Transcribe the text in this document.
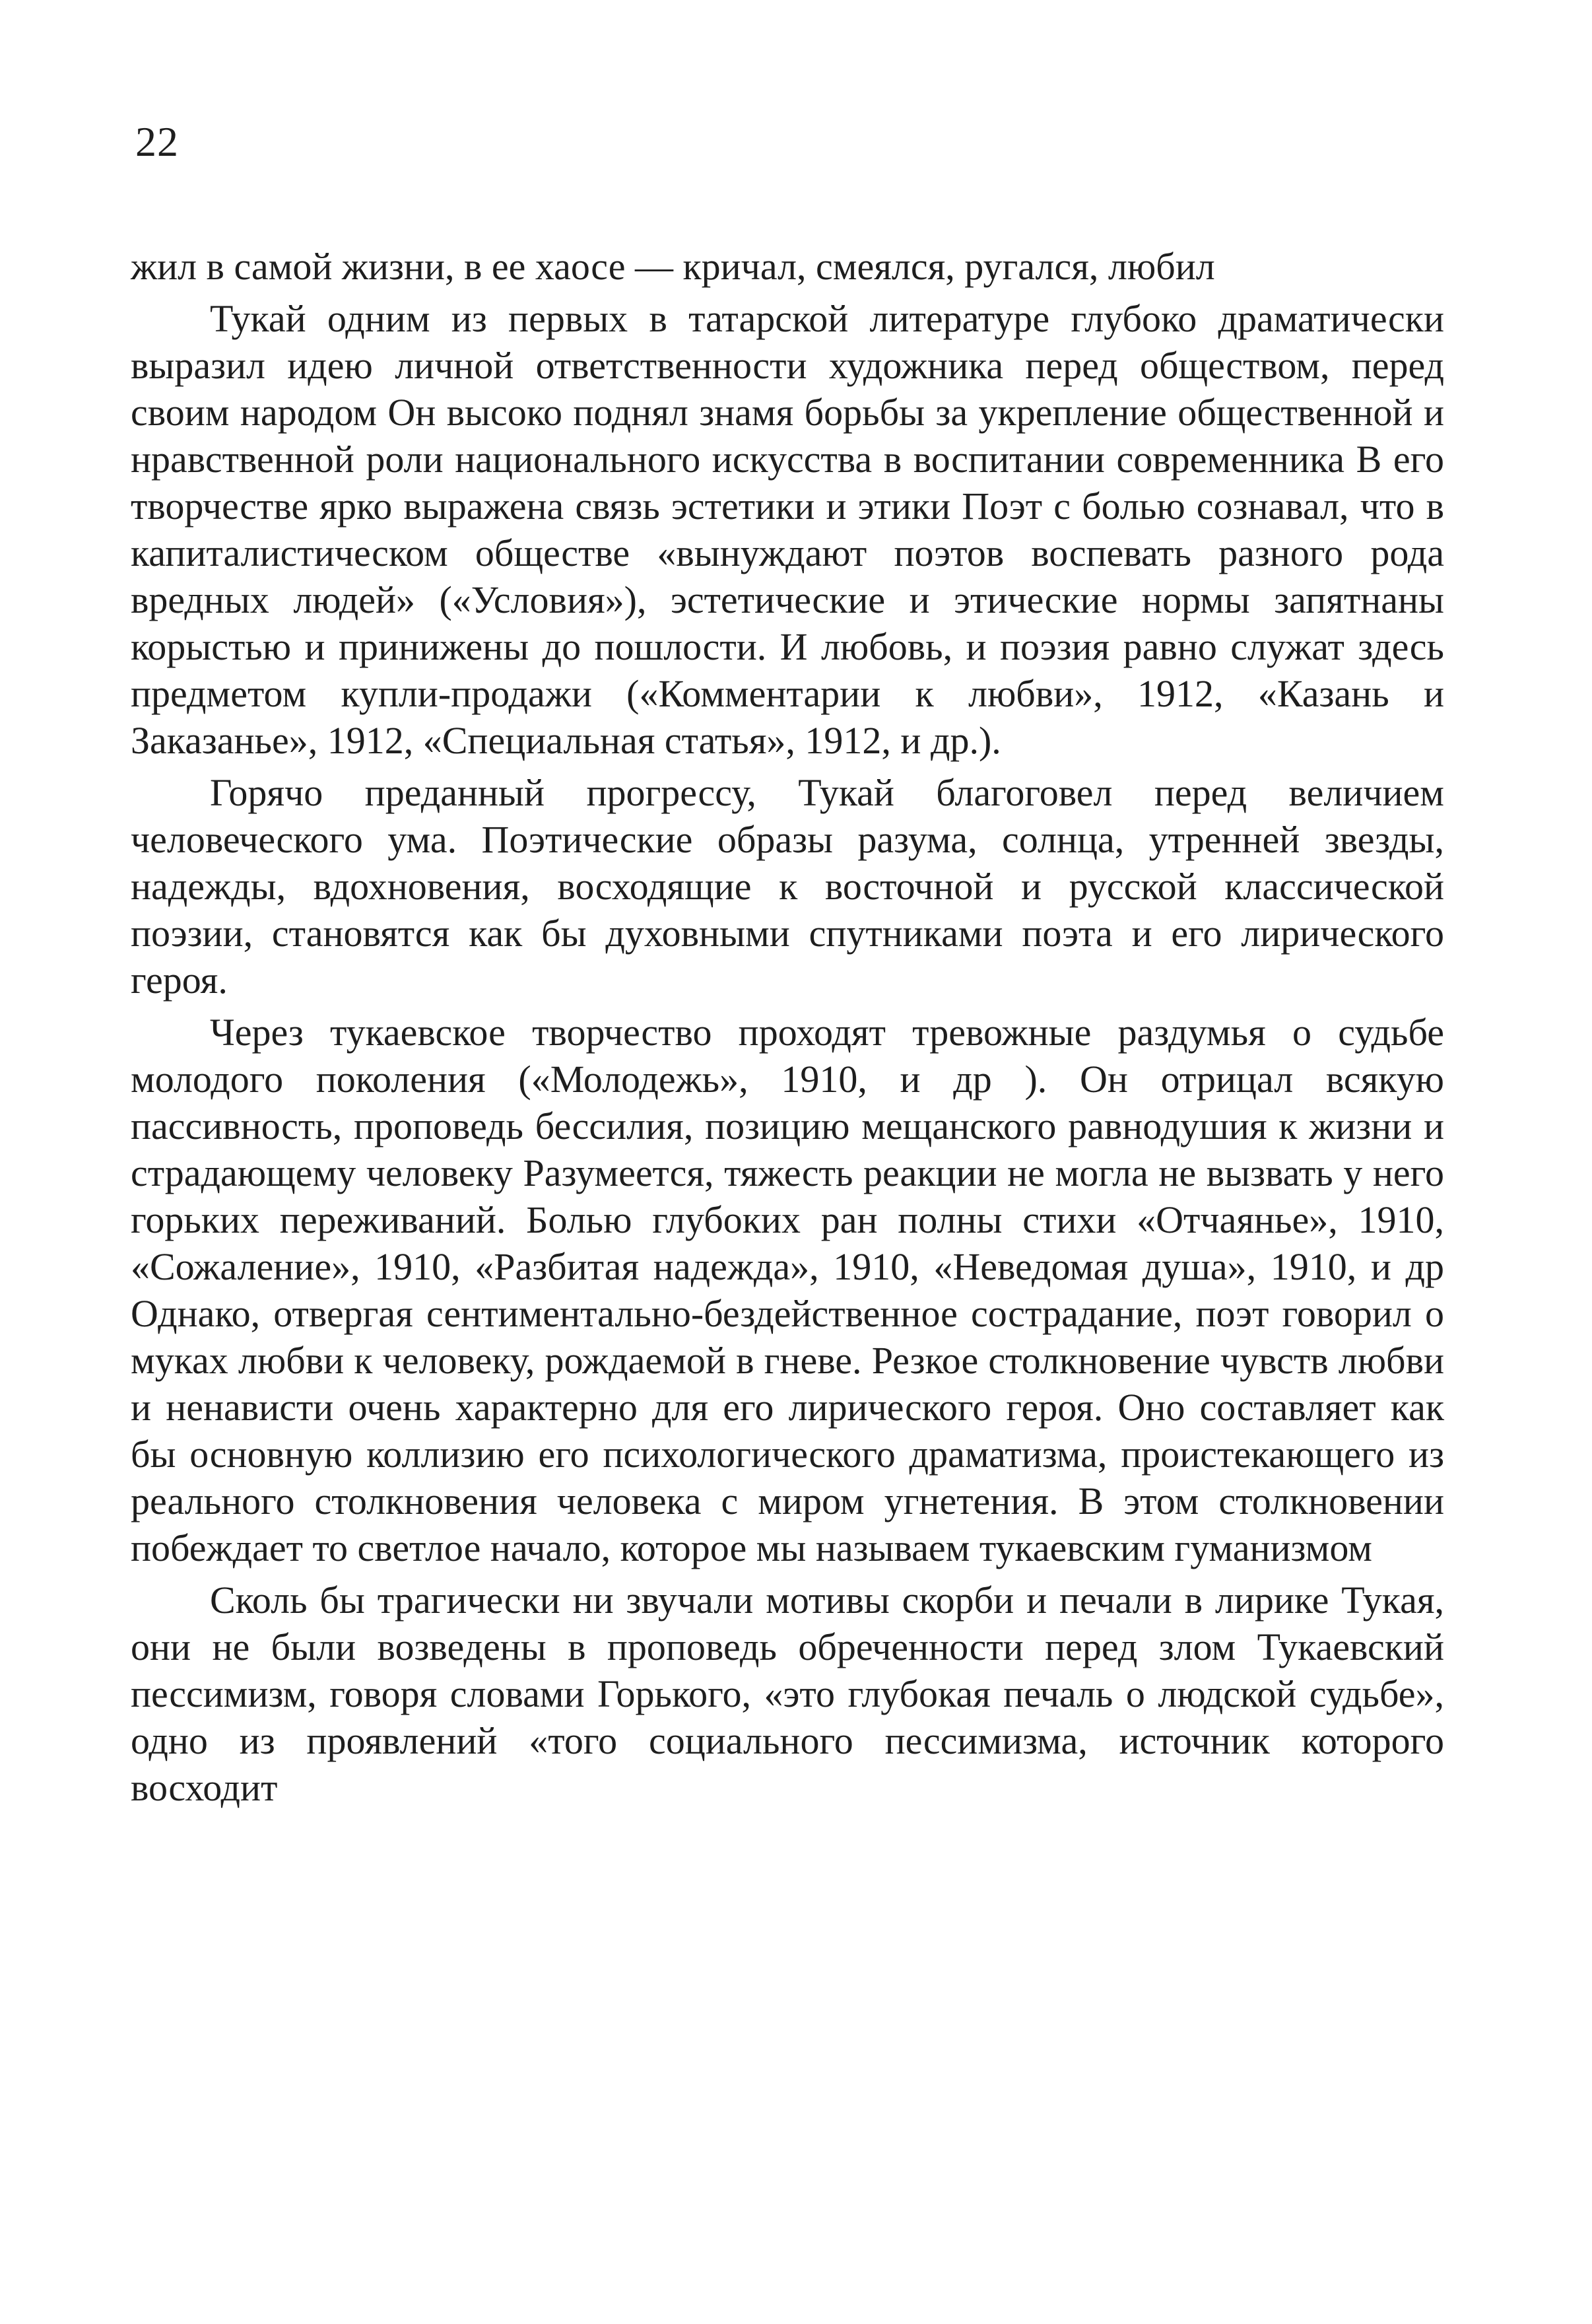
22

жил в самой жизни, в ее хаосе — кричал, смеялся, ругался, любил

Тукай одним из первых в татарской литературе глубоко драматически выразил идею личной ответственности художника перед обществом, перед своим народом Он высоко поднял знамя борьбы за укрепление общественной и нравственной роли национального искусства в воспитании современника В его творчестве ярко выражена связь эстетики и этики Поэт с болью сознавал, что в капиталистическом обществе «вынуждают поэтов воспевать разного рода вредных людей» («Условия»), эстетические и этические нормы запятнаны корыстью и принижены до пошлости. И любовь, и поэзия равно служат здесь предметом купли-продажи («Комментарии к любви», 1912, «Казань и Заказанье», 1912, «Специальная статья», 1912, и др.).

Горячо преданный прогрессу, Тукай благоговел перед величием человеческого ума. Поэтические образы разума, солнца, утренней звезды, надежды, вдохновения, восходящие к восточной и русской классической поэзии, становятся как бы духовными спутниками поэта и его лирического героя.

Через тукаевское творчество проходят тревожные раздумья о судьбе молодого поколения («Молодежь», 1910, и др ). Он отрицал всякую пассивность, проповедь бессилия, позицию мещанского равнодушия к жизни и страдающему человеку Разумеется, тяжесть реакции не могла не вызвать у него горьких переживаний. Болью глубоких ран полны стихи «Отчаянье», 1910, «Сожаление», 1910, «Разбитая надежда», 1910, «Неведомая душа», 1910, и др Однако, отвергая сентиментально-бездейственное сострадание, поэт говорил о муках любви к человеку, рождаемой в гневе. Резкое столкновение чувств любви и ненависти очень характерно для его лирического героя. Оно составляет как бы основную коллизию его психологического драматизма, проистекающего из реального столкновения человека с миром угнетения. В этом столкновении побеждает то светлое начало, которое мы называем тукаевским гуманизмом

Сколь бы трагически ни звучали мотивы скорби и печали в лирике Тукая, они не были возведены в проповедь обреченности перед злом Тукаевский пессимизм, говоря словами Горького, «это глубокая печаль о людской судьбе», одно из проявлений «того социального пессимизма, источник которого восходит
